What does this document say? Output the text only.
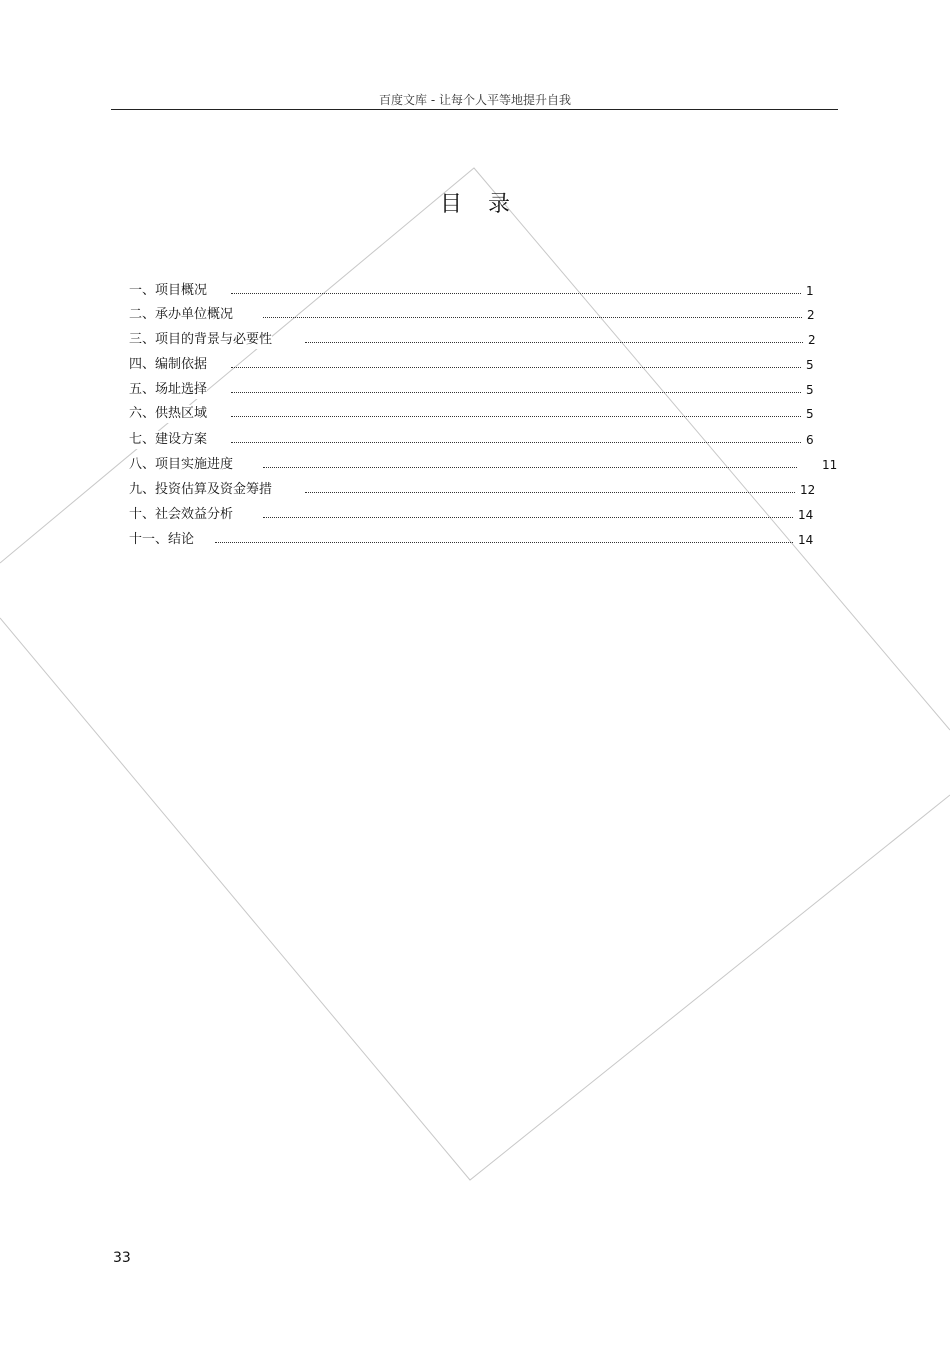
百度文库 - 让每个人平等地提升自我
目录
一、项目概况	1
二、承办单位概况	2
三、项目的背景与必要性	2
四、编制依据	5
五、场址选择	5
六、供热区域	5
七、建设方案	6
八、项目实施进度	11
九、投资估算及资金筹措	12
十、社会效益分析	14
十一、结论	14
33
